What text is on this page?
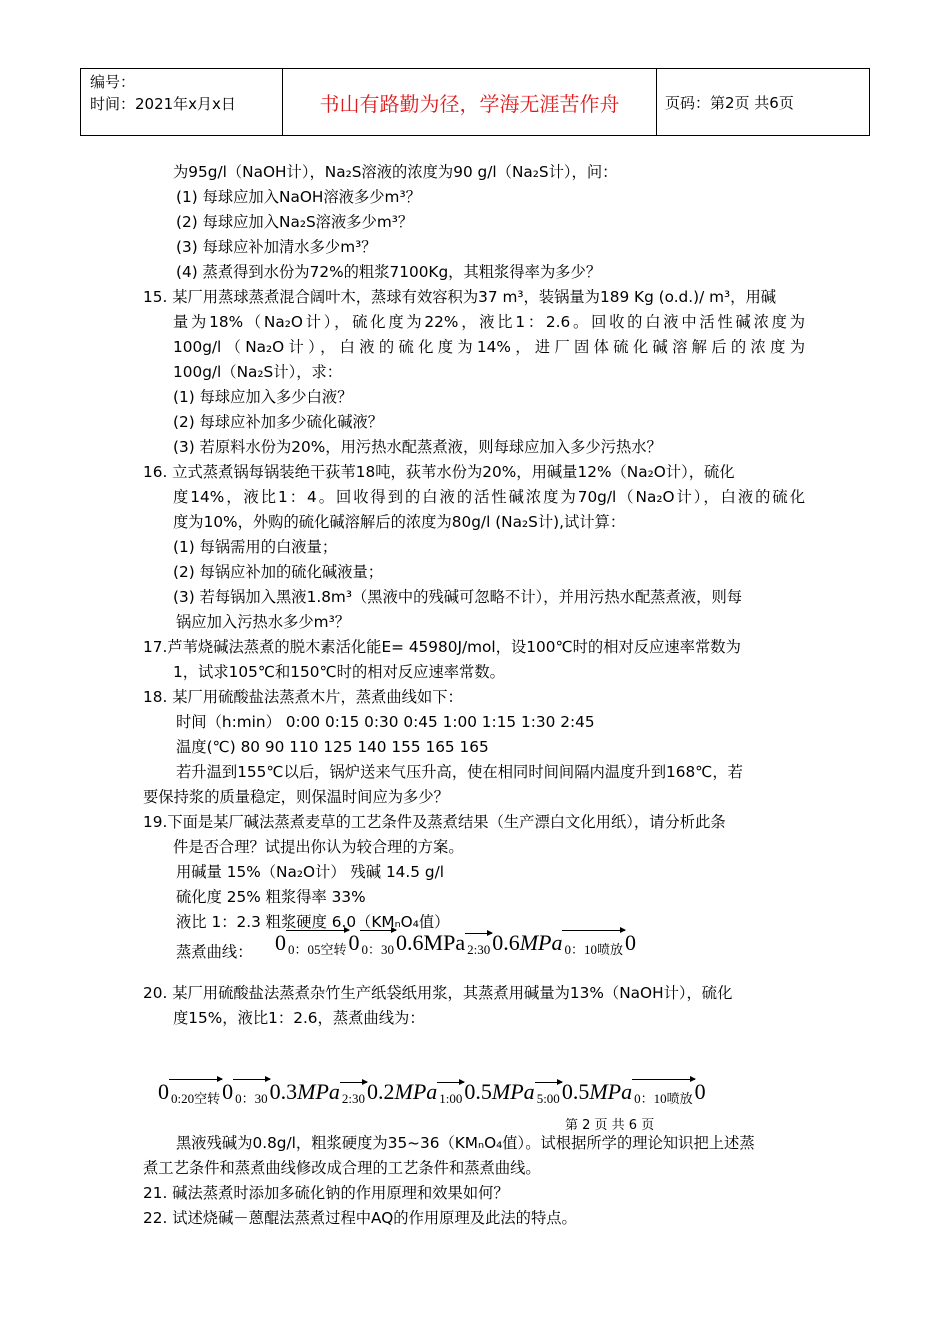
编号：
时间：2021年x月x日	书山有路勤为径，学海无涯苦作舟	页码：第2页 共6页
为95g/l（NaOH计），Na₂S溶液的浓度为90 g/l（Na₂S计），问：
(1) 每球应加入NaOH溶液多少m³？
(2) 每球应加入Na₂S溶液多少m³？
(3) 每球应补加清水多少m³？
(4) 蒸煮得到水份为72%的粗浆7100Kg，其粗浆得率为多少？
15. 某厂用蒸球蒸煮混合阔叶木，蒸球有效容积为37 m³，装锅量为189 Kg (o.d.)/ m³，用碱
量为18%（Na₂O计），硫化度为22%，液比1：2.6。回收的白液中活性碱浓度为
100g/l（Na₂O计），白液的硫化度为14%，进厂固体硫化碱溶解后的浓度为
100g/l（Na₂S计），求：
(1) 每球应加入多少白液？
(2) 每球应补加多少硫化碱液？
(3) 若原料水份为20%，用污热水配蒸煮液，则每球应加入多少污热水？
16. 立式蒸煮锅每锅装绝干荻苇18吨，荻苇水份为20%，用碱量12%（Na₂O计），硫化
度14%，液比1：4。回收得到的白液的活性碱浓度为70g/l（Na₂O计），白液的硫化
度为10%，外购的硫化碱溶解后的浓度为80g/l (Na₂S计),试计算：
(1) 每锅需用的白液量；
(2) 每锅应补加的硫化碱液量；
(3) 若每锅加入黑液1.8m³（黑液中的残碱可忽略不计），并用污热水配蒸煮液，则每
锅应加入污热水多少m³？
17.芦苇烧碱法蒸煮的脱木素活化能E= 45980J/mol，设100℃时的相对反应速率常数为
1，试求105℃和150℃时的相对反应速率常数。
18. 某厂用硫酸盐法蒸煮木片，蒸煮曲线如下：
时间（h:min） 0:00 0:15 0:30 0:45 1:00 1:15 1:30 2:45
温度(℃) 80 90 110 125 140 155 165 165
若升温到155℃以后，锅炉送来气压升高，使在相同时间间隔内温度升到168℃，若
要保持浆的质量稳定，则保温时间应为多少？
19.下面是某厂碱法蒸煮麦草的工艺条件及蒸煮结果（生产漂白文化用纸），请分析此条
件是否合理？试提出你认为较合理的方案。
用碱量 15%（Na₂O计） 残碱 14.5 g/l
硫化度 25% 粗浆得率 33%
液比 1：2.3 粗浆硬度 6.0（KMₙO₄值）
蒸煮曲线： 0 0：05空转0 0：300.6MPa 2:300.6MPa 0：10喷放0
20. 某厂用硫酸盐法蒸煮杂竹生产纸袋纸用浆，其蒸煮用碱量为13%（NaOH计），硫化
度15%，液比1：2.6，蒸煮曲线为：
0 0:20空转0 0：300.3MPa 2:300.2MPa 1:000.5MPa 5:000.5MPa 0：10喷放0
第 2 页 共 6 页
黑液残碱为0.8g/l，粗浆硬度为35~36（KMₙO₄值）。试根据所学的理论知识把上述蒸
煮工艺条件和蒸煮曲线修改成合理的工艺条件和蒸煮曲线。
21. 碱法蒸煮时添加多硫化钠的作用原理和效果如何？
22. 试述烧碱－蒽醌法蒸煮过程中AQ的作用原理及此法的特点。
